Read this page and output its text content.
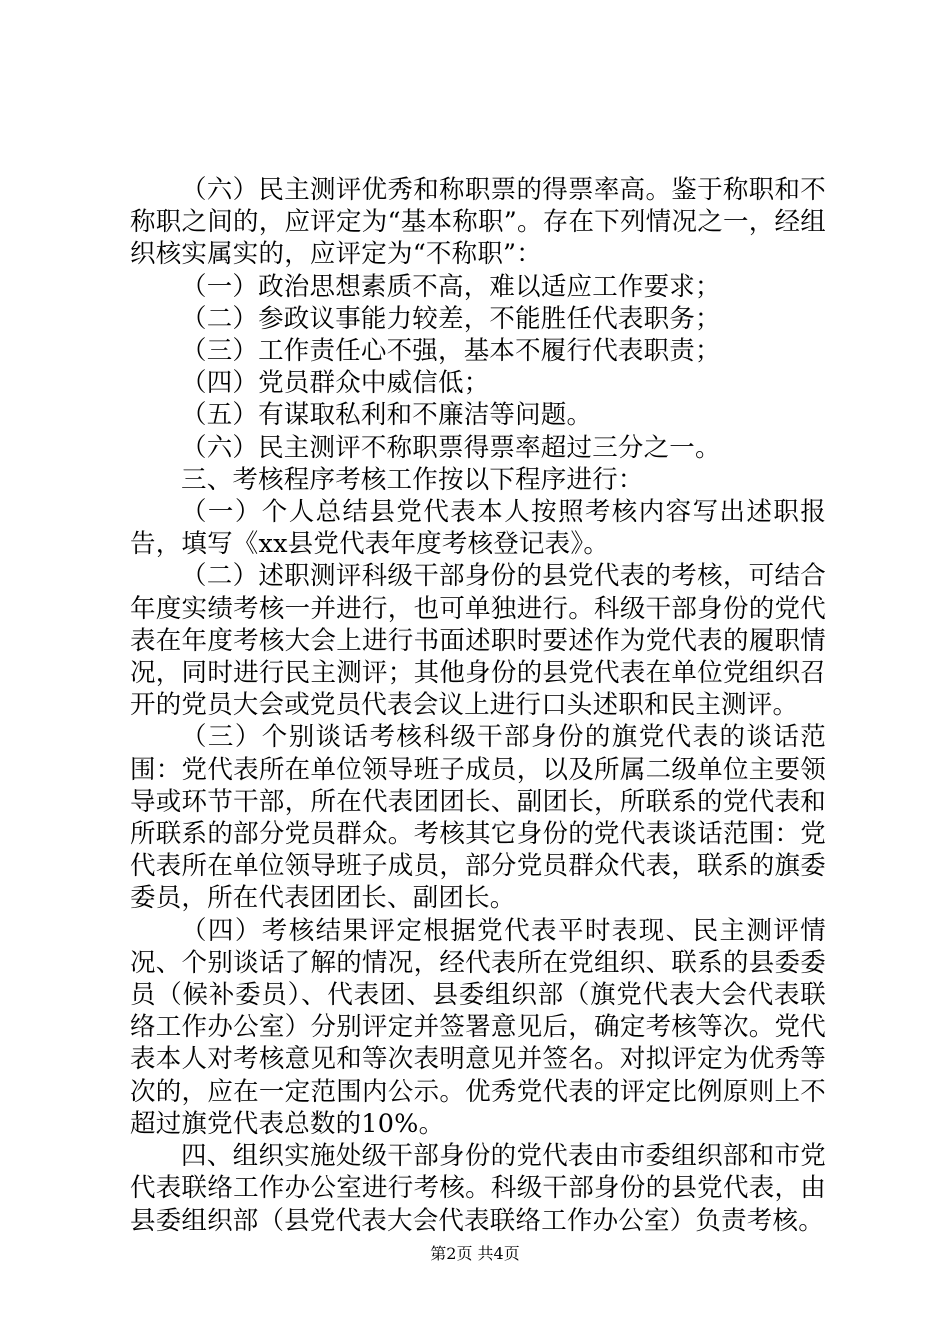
（六）民主测评优秀和称职票的得票率高。鉴于称职和不称职之间的，应评定为“基本称职”。存在下列情况之一，经组织核实属实的，应评定为“不称职”：

（一）政治思想素质不高，难以适应工作要求；

（二）参政议事能力较差，不能胜任代表职务；

（三）工作责任心不强，基本不履行代表职责；

（四）党员群众中威信低；

（五）有谋取私利和不廉洁等问题。

（六）民主测评不称职票得票率超过三分之一。

三、考核程序考核工作按以下程序进行：

（一）个人总结县党代表本人按照考核内容写出述职报告，填写《xx县党代表年度考核登记表》。

（二）述职测评科级干部身份的县党代表的考核，可结合年度实绩考核一并进行，也可单独进行。科级干部身份的党代表在年度考核大会上进行书面述职时要述作为党代表的履职情况，同时进行民主测评；其他身份的县党代表在单位党组织召开的党员大会或党员代表会议上进行口头述职和民主测评。

（三）个别谈话考核科级干部身份的旗党代表的谈话范围：党代表所在单位领导班子成员，以及所属二级单位主要领导或环节干部，所在代表团团长、副团长，所联系的党代表和所联系的部分党员群众。考核其它身份的党代表谈话范围：党代表所在单位领导班子成员，部分党员群众代表，联系的旗委委员，所在代表团团长、副团长。

（四）考核结果评定根据党代表平时表现、民主测评情况、个别谈话了解的情况，经代表所在党组织、联系的县委委员（候补委员）、代表团、县委组织部（旗党代表大会代表联络工作办公室）分别评定并签署意见后，确定考核等次。党代表本人对考核意见和等次表明意见并签名。对拟评定为优秀等次的，应在一定范围内公示。优秀党代表的评定比例原则上不超过旗党代表总数的10%。

四、组织实施处级干部身份的党代表由市委组织部和市党代表联络工作办公室进行考核。科级干部身份的县党代表，由县委组织部（县党代表大会代表联络工作办公室）负责考核。

第2页 共4页
